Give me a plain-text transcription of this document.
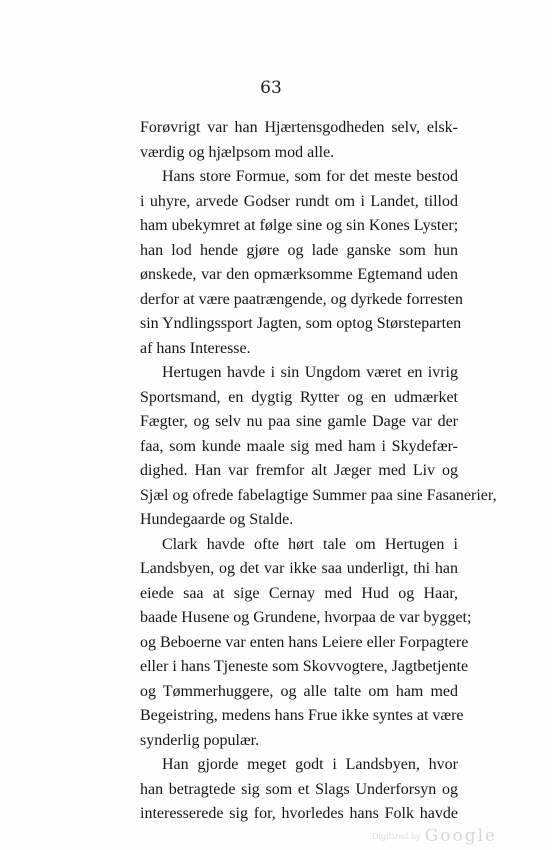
63
Forøvrigt var han Hjærtensgodheden selv, elsk-
værdig og hjælpsom mod alle.
Hans store Formue, som for det meste bestod
i uhyre, arvede Godser rundt om i Landet, tillod
ham ubekymret at følge sine og sin Kones Lyster;
han lod hende gjøre og lade ganske som hun
ønskede, var den opmærksomme Egtemand uden
derfor at være paatrængende, og dyrkede forresten
sin Yndlingssport Jagten, som optog Størsteparten
af hans Interesse.
Hertugen havde i sin Ungdom været en ivrig
Sportsmand, en dygtig Rytter og en udmærket
Fægter, og selv nu paa sine gamle Dage var der
faa, som kunde maale sig med ham i Skydefær-
dighed. Han var fremfor alt Jæger med Liv og
Sjæl og ofrede fabelagtige Summer paa sine Fasanerier,
Hundegaarde og Stalde.
Clark havde ofte hørt tale om Hertugen i
Landsbyen, og det var ikke saa underligt, thi han
eiede saa at sige Cernay med Hud og Haar,
baade Husene og Grundene, hvorpaa de var bygget;
og Beboerne var enten hans Leiere eller Forpagtere
eller i hans Tjeneste som Skovvogtere, Jagtbetjente
og Tømmerhuggere, og alle talte om ham med
Begeistring, medens hans Frue ikke syntes at være
synderlig populær.
Han gjorde meget godt i Landsbyen, hvor
han betragtede sig som et Slags Underforsyn og
interesserede sig for, hvorledes hans Folk havde
Digitized by Google
